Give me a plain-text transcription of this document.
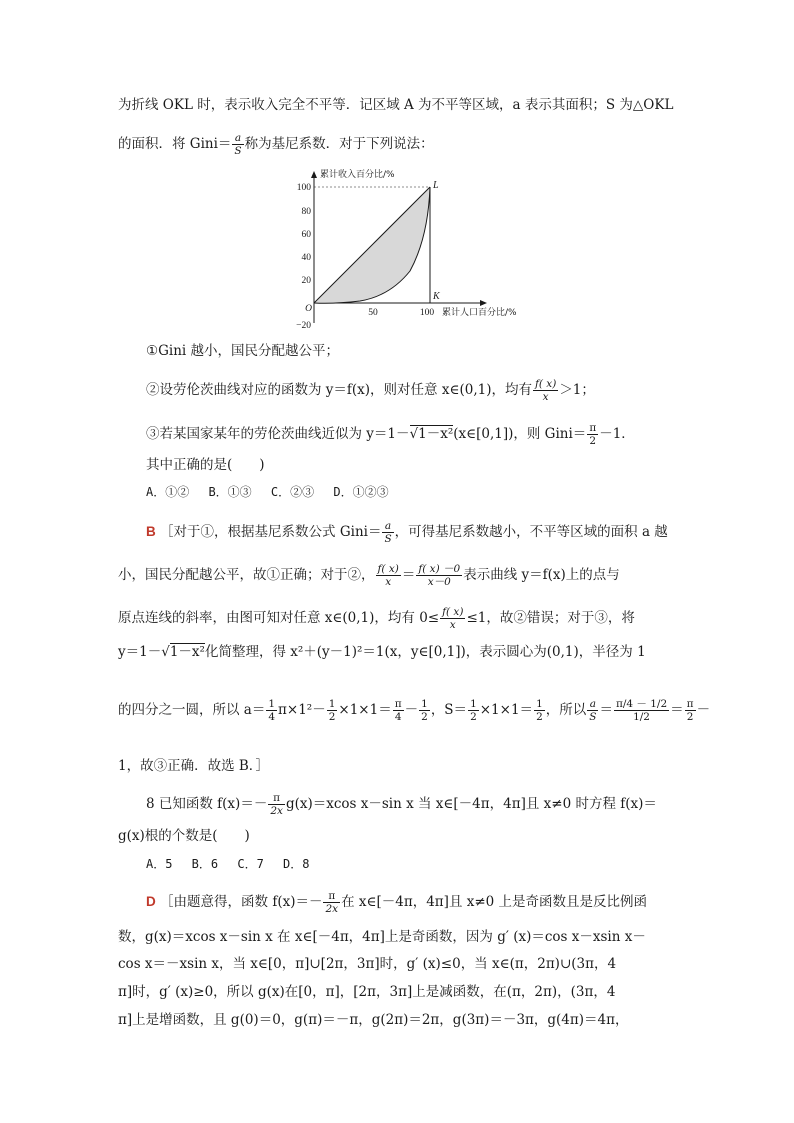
为折线 OKL 时，表示收入完全不平等．记区域 A 为不平等区域，a 表示其面积；S 为△OKL
的面积．将 Gini＝ $\frac{a}{S}$ 称为基尼系数．对于下列说法：
100
80
60
40
20
O
−20
50	100
累计收入百分比/%
累计人口百分比/%
L
K
①Gini 越小，国民分配越公平；
②设劳伦茨曲线对应的函数为 y＝f(x)，则对任意 x∈(0,1)，均有 $\frac{f( x)}{x} >1$；
③若某国家某年的劳伦茨曲线近似为 y＝1－√1－x²(x∈[0,1])，则 Gini＝ $\frac{\pi}{2} -1$．
其中正确的是(　　)
A．①②　 B．①③　 C．②③　 D．①②③
B ［对于①，根据基尼系数公式 Gini＝ $\frac{a}{S}$ ，可得基尼系数越小，不平等区域的面积 a 越
小，国民分配越公平，故①正确；对于②， $\frac{f( x)}{x} = \frac{f( x) -0}{x-0}$ 表示曲线 y＝f(x)上的点与
原点连线的斜率，由图可知对任意 x∈(0,1)，均有 $0\le \frac{f( x)}{x} \le 1$，故②错误；对于③，将
y＝1－√1－x²化简整理，得 x²＋(y－1)²＝1(x，y∈[0,1])，表示圆心为(0,1)，半径为 1
的四分之一圆，所以 $a= \frac{1}{4} \pi\times 1^2- \frac{1}{2} \times 1\times 1= \frac{\pi}{4} - \frac{1}{2}$ ，$S= \frac{1}{2} \times 1\times 1= \frac{1}{2}$ ，所以 $\frac{a}{S} = \frac{\pi/4 - 1/2}{1/2} = \frac{\pi}{2}$ －
1，故③正确．故选 B．］
8 已知函数 $f(x)=- \frac{\pi}{2x} g(x)=xcos$ x－sin x 当 x∈[－4π，4π]且 x≠0 时方程 f(x)＝
g(x)根的个数是(　　)
A．5　 B．6　 C．7　 D．8
D ［由题意得，函数 $f(x)=- \frac{\pi}{2x}$ 在 x∈[－4π，4π]且 x≠0 上是奇函数且是反比例函
数，g(x)＝xcos x－sin x 在 x∈[－4π，4π]上是奇函数，因为 g′ (x)＝cos x－xsin x－
cos x＝－xsin x，当 x∈[0，π]∪[2π，3π]时，g′ (x)≤0，当 x∈(π，2π)∪(3π，4
π]时，g′ (x)≥0，所以 g(x)在[0，π]，[2π，3π]上是减函数，在(π，2π)，(3π，4
π]上是增函数，且 g(0)＝0，g(π)＝－π，g(2π)＝2π，g(3π)＝－3π，g(4π)＝4π，
